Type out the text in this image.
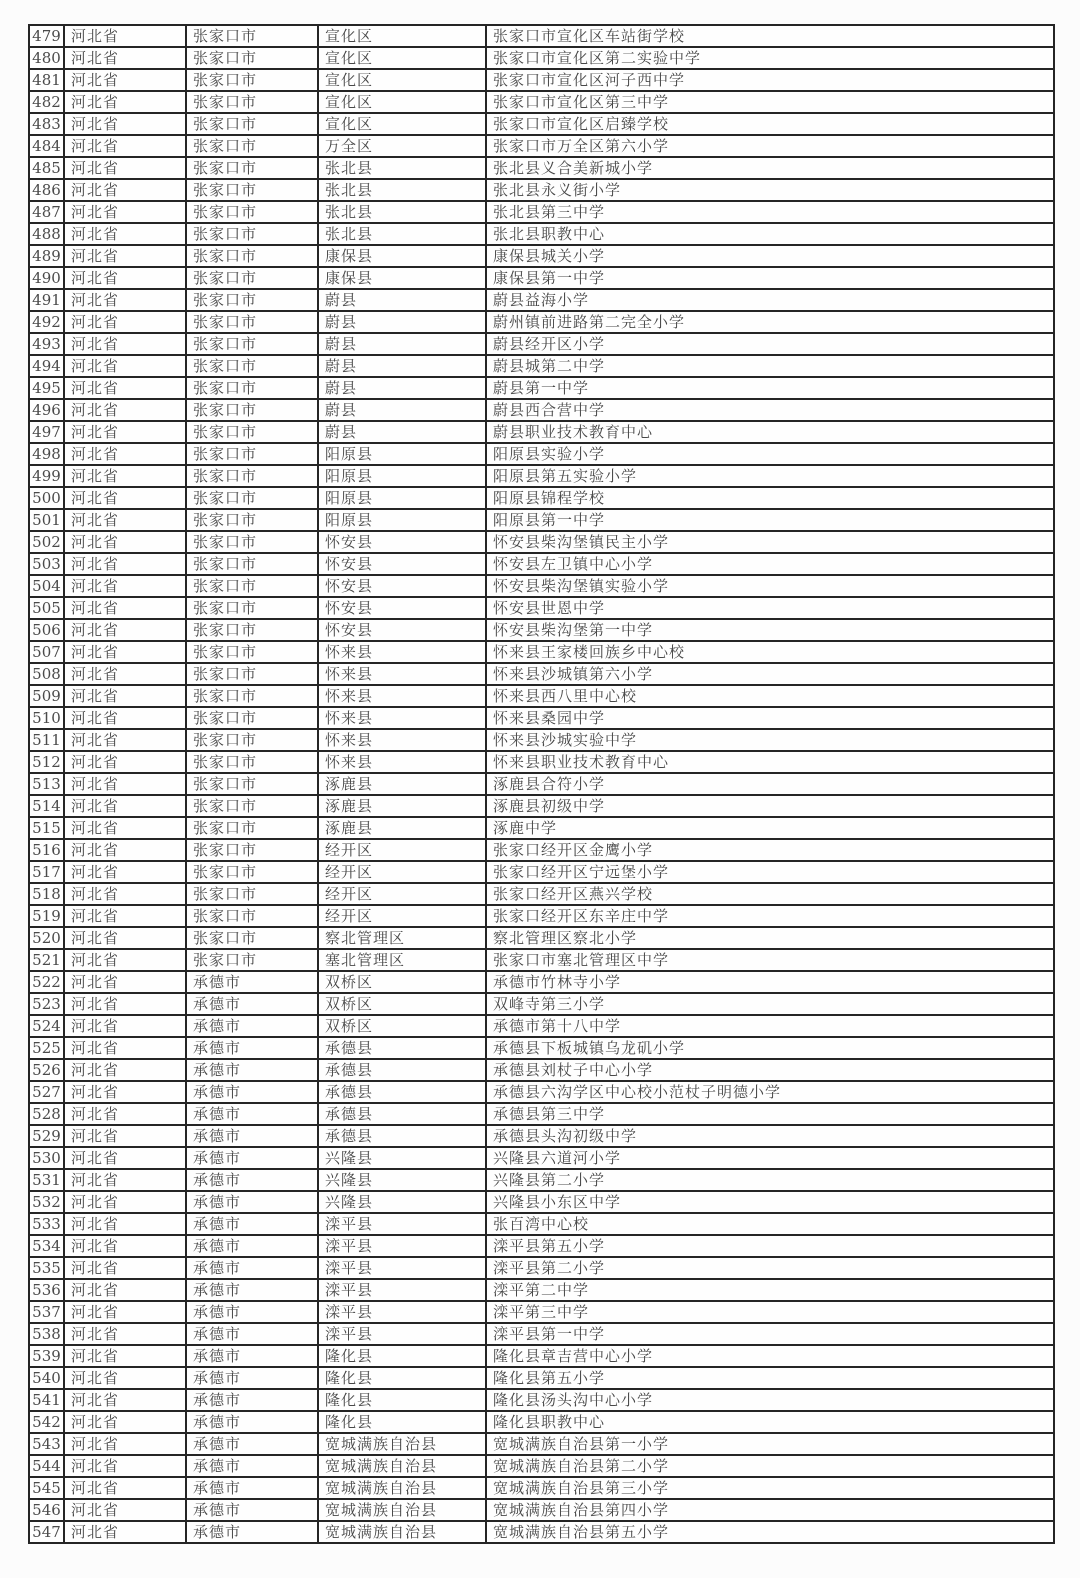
479	河北省	张家口市	宣化区	张家口市宣化区车站街学校
480	河北省	张家口市	宣化区	张家口市宣化区第二实验中学
481	河北省	张家口市	宣化区	张家口市宣化区河子西中学
482	河北省	张家口市	宣化区	张家口市宣化区第三中学
483	河北省	张家口市	宣化区	张家口市宣化区启臻学校
484	河北省	张家口市	万全区	张家口市万全区第六小学
485	河北省	张家口市	张北县	张北县义合美新城小学
486	河北省	张家口市	张北县	张北县永义街小学
487	河北省	张家口市	张北县	张北县第三中学
488	河北省	张家口市	张北县	张北县职教中心
489	河北省	张家口市	康保县	康保县城关小学
490	河北省	张家口市	康保县	康保县第一中学
491	河北省	张家口市	蔚县	蔚县益海小学
492	河北省	张家口市	蔚县	蔚州镇前进路第二完全小学
493	河北省	张家口市	蔚县	蔚县经开区小学
494	河北省	张家口市	蔚县	蔚县城第二中学
495	河北省	张家口市	蔚县	蔚县第一中学
496	河北省	张家口市	蔚县	蔚县西合营中学
497	河北省	张家口市	蔚县	蔚县职业技术教育中心
498	河北省	张家口市	阳原县	阳原县实验小学
499	河北省	张家口市	阳原县	阳原县第五实验小学
500	河北省	张家口市	阳原县	阳原县锦程学校
501	河北省	张家口市	阳原县	阳原县第一中学
502	河北省	张家口市	怀安县	怀安县柴沟堡镇民主小学
503	河北省	张家口市	怀安县	怀安县左卫镇中心小学
504	河北省	张家口市	怀安县	怀安县柴沟堡镇实验小学
505	河北省	张家口市	怀安县	怀安县世恩中学
506	河北省	张家口市	怀安县	怀安县柴沟堡第一中学
507	河北省	张家口市	怀来县	怀来县王家楼回族乡中心校
508	河北省	张家口市	怀来县	怀来县沙城镇第六小学
509	河北省	张家口市	怀来县	怀来县西八里中心校
510	河北省	张家口市	怀来县	怀来县桑园中学
511	河北省	张家口市	怀来县	怀来县沙城实验中学
512	河北省	张家口市	怀来县	怀来县职业技术教育中心
513	河北省	张家口市	涿鹿县	涿鹿县合符小学
514	河北省	张家口市	涿鹿县	涿鹿县初级中学
515	河北省	张家口市	涿鹿县	涿鹿中学
516	河北省	张家口市	经开区	张家口经开区金鹰小学
517	河北省	张家口市	经开区	张家口经开区宁远堡小学
518	河北省	张家口市	经开区	张家口经开区燕兴学校
519	河北省	张家口市	经开区	张家口经开区东辛庄中学
520	河北省	张家口市	察北管理区	察北管理区察北小学
521	河北省	张家口市	塞北管理区	张家口市塞北管理区中学
522	河北省	承德市	双桥区	承德市竹林寺小学
523	河北省	承德市	双桥区	双峰寺第三小学
524	河北省	承德市	双桥区	承德市第十八中学
525	河北省	承德市	承德县	承德县下板城镇乌龙矶小学
526	河北省	承德市	承德县	承德县刘杖子中心小学
527	河北省	承德市	承德县	承德县六沟学区中心校小范杖子明德小学
528	河北省	承德市	承德县	承德县第三中学
529	河北省	承德市	承德县	承德县头沟初级中学
530	河北省	承德市	兴隆县	兴隆县六道河小学
531	河北省	承德市	兴隆县	兴隆县第二小学
532	河北省	承德市	兴隆县	兴隆县小东区中学
533	河北省	承德市	滦平县	张百湾中心校
534	河北省	承德市	滦平县	滦平县第五小学
535	河北省	承德市	滦平县	滦平县第二小学
536	河北省	承德市	滦平县	滦平第二中学
537	河北省	承德市	滦平县	滦平第三中学
538	河北省	承德市	滦平县	滦平县第一中学
539	河北省	承德市	隆化县	隆化县章吉营中心小学
540	河北省	承德市	隆化县	隆化县第五小学
541	河北省	承德市	隆化县	隆化县汤头沟中心小学
542	河北省	承德市	隆化县	隆化县职教中心
543	河北省	承德市	宽城满族自治县	宽城满族自治县第一小学
544	河北省	承德市	宽城满族自治县	宽城满族自治县第二小学
545	河北省	承德市	宽城满族自治县	宽城满族自治县第三小学
546	河北省	承德市	宽城满族自治县	宽城满族自治县第四小学
547	河北省	承德市	宽城满族自治县	宽城满族自治县第五小学
